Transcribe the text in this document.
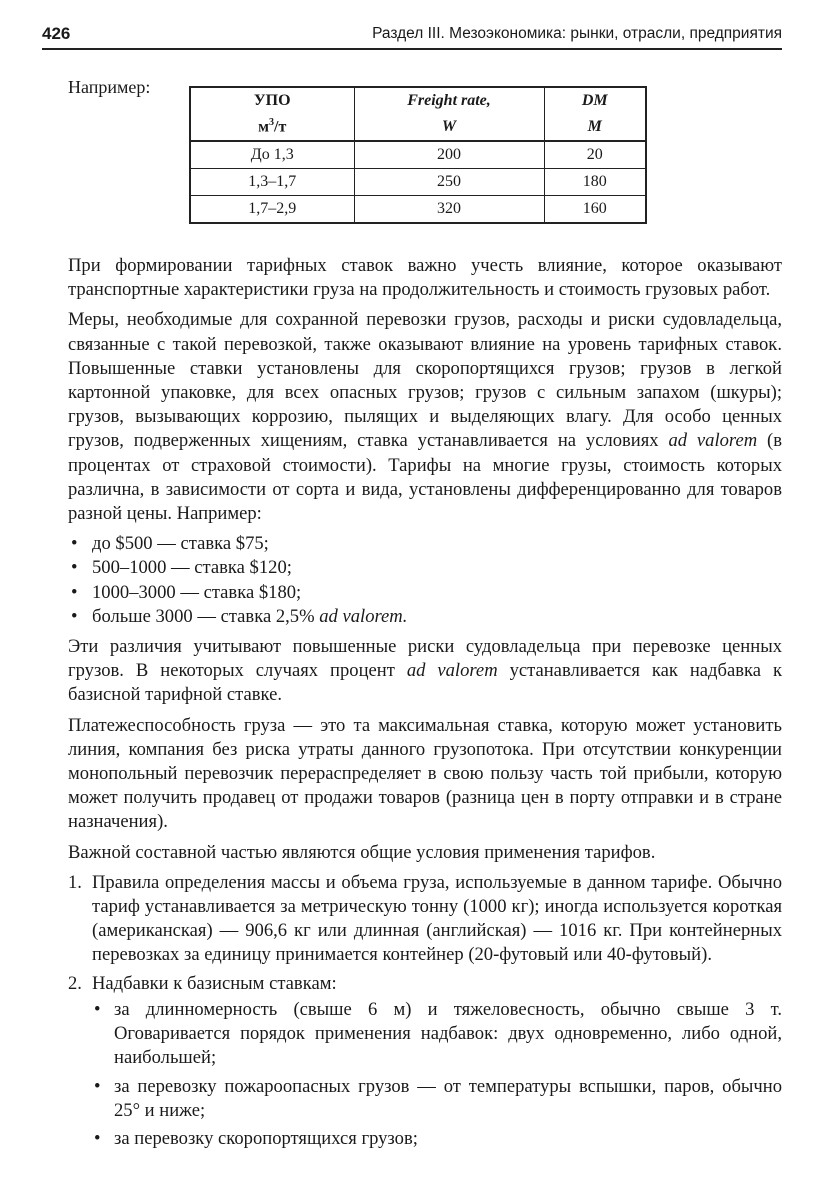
426	Раздел III. Мезоэкономика: рынки, отрасли, предприятия
Например:
УПО	Freight rate,	DM
$м^3/т$	W	M
До 1,3	200	20
1,3–1,7	250	180
1,7–2,9	320	160

При формировании тарифных ставок важно учесть влияние, которое оказывают транспортные характеристики груза на продолжительность и стоимость грузовых работ.

Меры, необходимые для сохранной перевозки грузов, расходы и риски судовладельца, связанные с такой перевозкой, также оказывают влияние на уровень тарифных ставок. Повышенные ставки установлены для скоропортящихся грузов; грузов в легкой картонной упаковке, для всех опасных грузов; грузов с сильным запахом (шкуры); грузов, вызывающих коррозию, пылящих и выделяющих влагу. Для особо ценных грузов, подверженных хищениям, ставка устанавливается на условиях ad valorem (в процентах от страховой стоимости). Тарифы на многие грузы, стоимость которых различна, в зависимости от сорта и вида, установлены дифференцированно для товаров разной цены. Например:

• до $500 — ставка $75;
• 500–1000 — ставка $120;
• 1000–3000 — ставка $180;
• больше 3000 — ставка 2,5% ad valorem.

Эти различия учитывают повышенные риски судовладельца при перевозке ценных грузов. В некоторых случаях процент ad valorem устанавливается как надбавка к базисной тарифной ставке.

Платежеспособность груза — это та максимальная ставка, которую может установить линия, компания без риска утраты данного грузопотока. При отсутствии конкуренции монопольный перевозчик перераспределяет в свою пользу часть той прибыли, которую может получить продавец от продажи товаров (разница цен в порту отправки и в стране назначения).

Важной составной частью являются общие условия применения тарифов.

1. Правила определения массы и объема груза, используемые в данном тарифе. Обычно тариф устанавливается за метрическую тонну (1000 кг); иногда используется короткая (американская) — 906,6 кг или длинная (английская) — 1016 кг. При контейнерных перевозках за единицу принимается контейнер (20-футовый или 40-футовый).
2. Надбавки к базисным ставкам:
• за длинномерность (свыше 6 м) и тяжеловесность, обычно свыше 3 т. Оговаривается порядок применения надбавок: двух одновременно, либо одной, наибольшей;
• за перевозку пожароопасных грузов — от температуры вспышки, паров, обычно 25° и ниже;
• за перевозку скоропортящихся грузов;
